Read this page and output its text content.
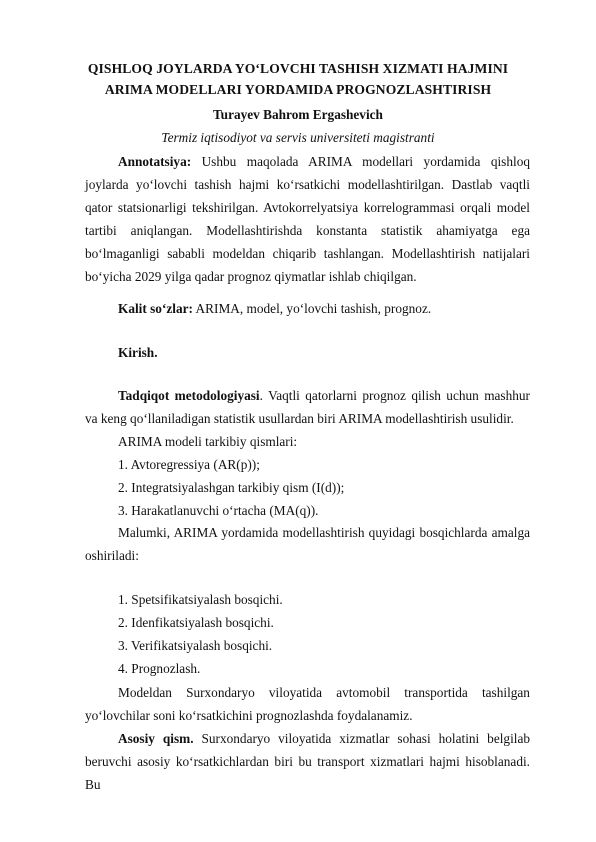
QISHLOQ JOYLARDA YO‘LOVCHI TASHISH XIZMATI HAJMINI
ARIMA MODELLARI YORDAMIDA PROGNOZLASHTIRISH
Turayev Bahrom Ergashevich
Termiz iqtisodiyot va servis universiteti magistranti
Annotatsiya: Ushbu maqolada ARIMA modellari yordamida qishloq joylarda yo‘lovchi tashish hajmi ko‘rsatkichi modellashtirilgan. Dastlab vaqtli qator statsionarligi tekshirilgan. Avtokorrelyatsiya korrelogrammasi orqali model tartibi aniqlangan. Modellashtirishda konstanta statistik ahamiyatga ega bo‘lmaganligi sababli modeldan chiqarib tashlangan. Modellashtirish natijalari bo‘yicha 2029 yilga qadar prognoz qiymatlar ishlab chiqilgan.
Kalit so‘zlar: ARIMA, model, yo‘lovchi tashish, prognoz.
Kirish.
Tadqiqot metodologiyasi. Vaqtli qatorlarni prognoz qilish uchun mashhur va keng qo‘llaniladigan statistik usullardan biri ARIMA modellashtirish usulidir.
ARIMA modeli tarkibiy qismlari:
1. Avtoregressiya (AR(p));
2. Integratsiyalashgan tarkibiy qism (I(d));
3. Harakatlanuvchi o‘rtacha (MA(q)).
Malumki, ARIMA yordamida modellashtirish quyidagi bosqichlarda amalga oshiriladi:
1. Spetsifikatsiyalash bosqichi.
2. Idenfikatsiyalash bosqichi.
3. Verifikatsiyalash bosqichi.
4. Prognozlash.
Modeldan Surxondaryo viloyatida avtomobil transportida tashilgan
yo‘lovchilar soni ko‘rsatkichini prognozlashda foydalanamiz.
Asosiy qism. Surxondaryo viloyatida xizmatlar sohasi holatini belgilab beruvchi asosiy ko‘rsatkichlardan biri bu transport xizmatlari hajmi hisoblanadi. Bu
